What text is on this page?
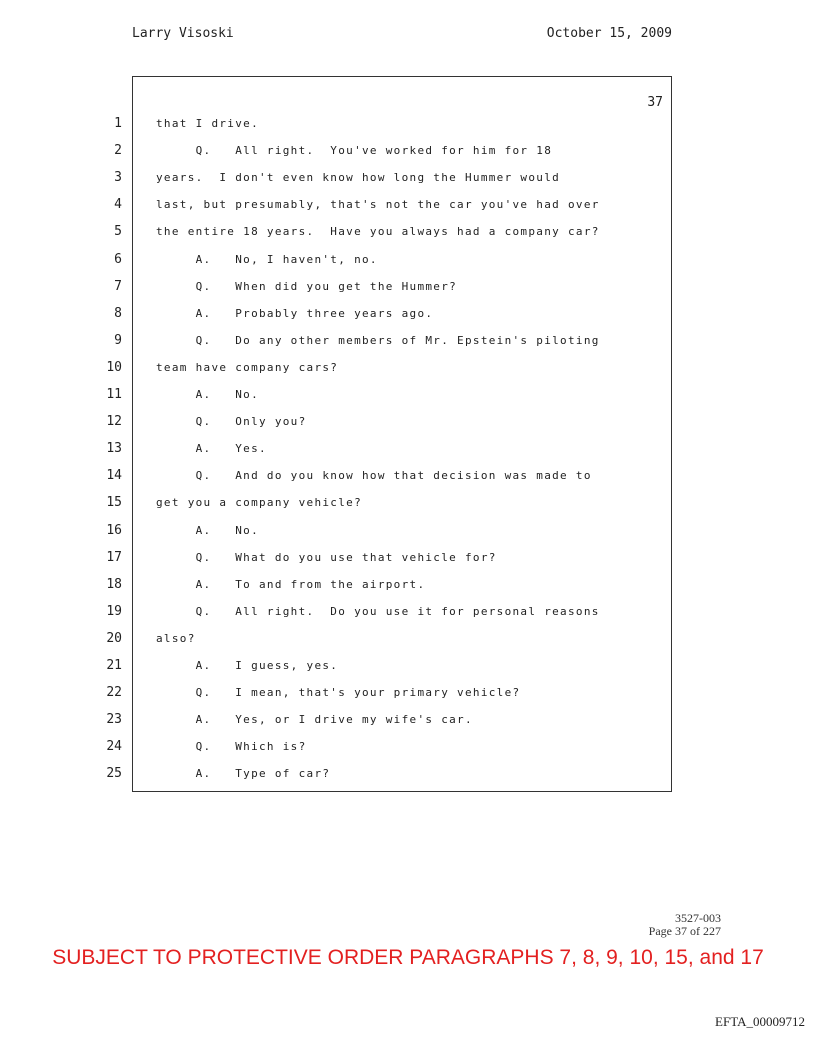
Larry Visoski	October 15, 2009
37
1	that I drive.
2	Q.   All right.  You've worked for him for 18
3	years.  I don't even know how long the Hummer would
4	last, but presumably, that's not the car you've had over
5	the entire 18 years.  Have you always had a company car?
6	A.   No, I haven't, no.
7	Q.   When did you get the Hummer?
8	A.   Probably three years ago.
9	Q.   Do any other members of Mr. Epstein's piloting
10	team have company cars?
11	A.   No.
12	Q.   Only you?
13	A.   Yes.
14	Q.   And do you know how that decision was made to
15	get you a company vehicle?
16	A.   No.
17	Q.   What do you use that vehicle for?
18	A.   To and from the airport.
19	Q.   All right.  Do you use it for personal reasons
20	also?
21	A.   I guess, yes.
22	Q.   I mean, that's your primary vehicle?
23	A.   Yes, or I drive my wife's car.
24	Q.   Which is?
25	A.   Type of car?
3527-003
Page 37 of 227
SUBJECT TO PROTECTIVE ORDER PARAGRAPHS 7, 8, 9, 10, 15, and 17
EFTA_00009712
